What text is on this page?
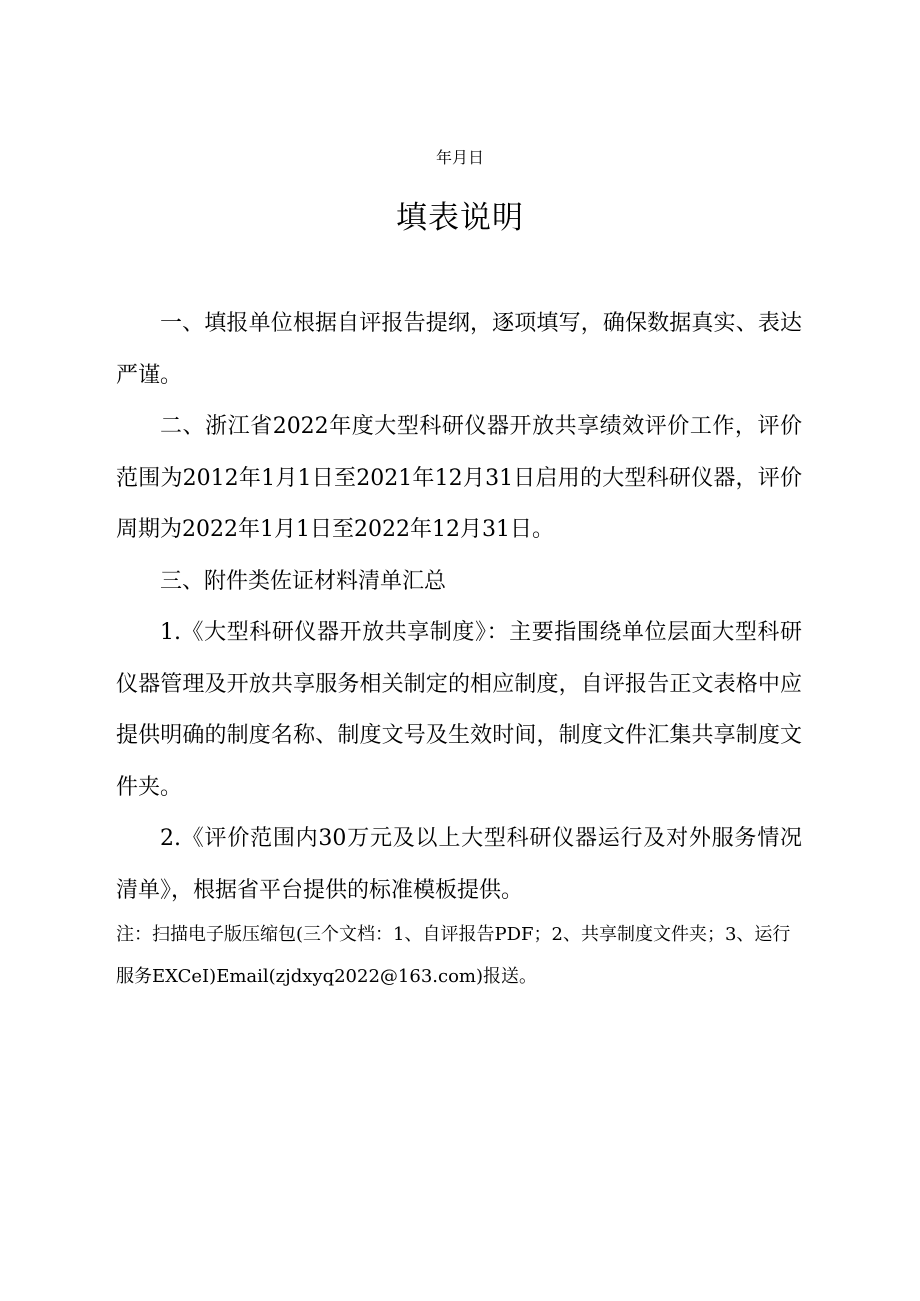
年月日
填表说明

一、填报单位根据自评报告提纲，逐项填写，确保数据真实、表达严谨。

二、浙江省2022年度大型科研仪器开放共享绩效评价工作，评价范围为2012年1月1日至2021年12月31日启用的大型科研仪器，评价周期为2022年1月1日至2022年12月31日。

三、附件类佐证材料清单汇总

1.《大型科研仪器开放共享制度》：主要指围绕单位层面大型科研仪器管理及开放共享服务相关制定的相应制度，自评报告正文表格中应提供明确的制度名称、制度文号及生效时间，制度文件汇集共享制度文件夹。

2.《评价范围内30万元及以上大型科研仪器运行及对外服务情况清单》，根据省平台提供的标准模板提供。

注：扫描电子版压缩包(三个文档：1、自评报告PDF；2、共享制度文件夹；3、运行服务EXCeI)Email(zjdxyq2022@163.com)报送。
